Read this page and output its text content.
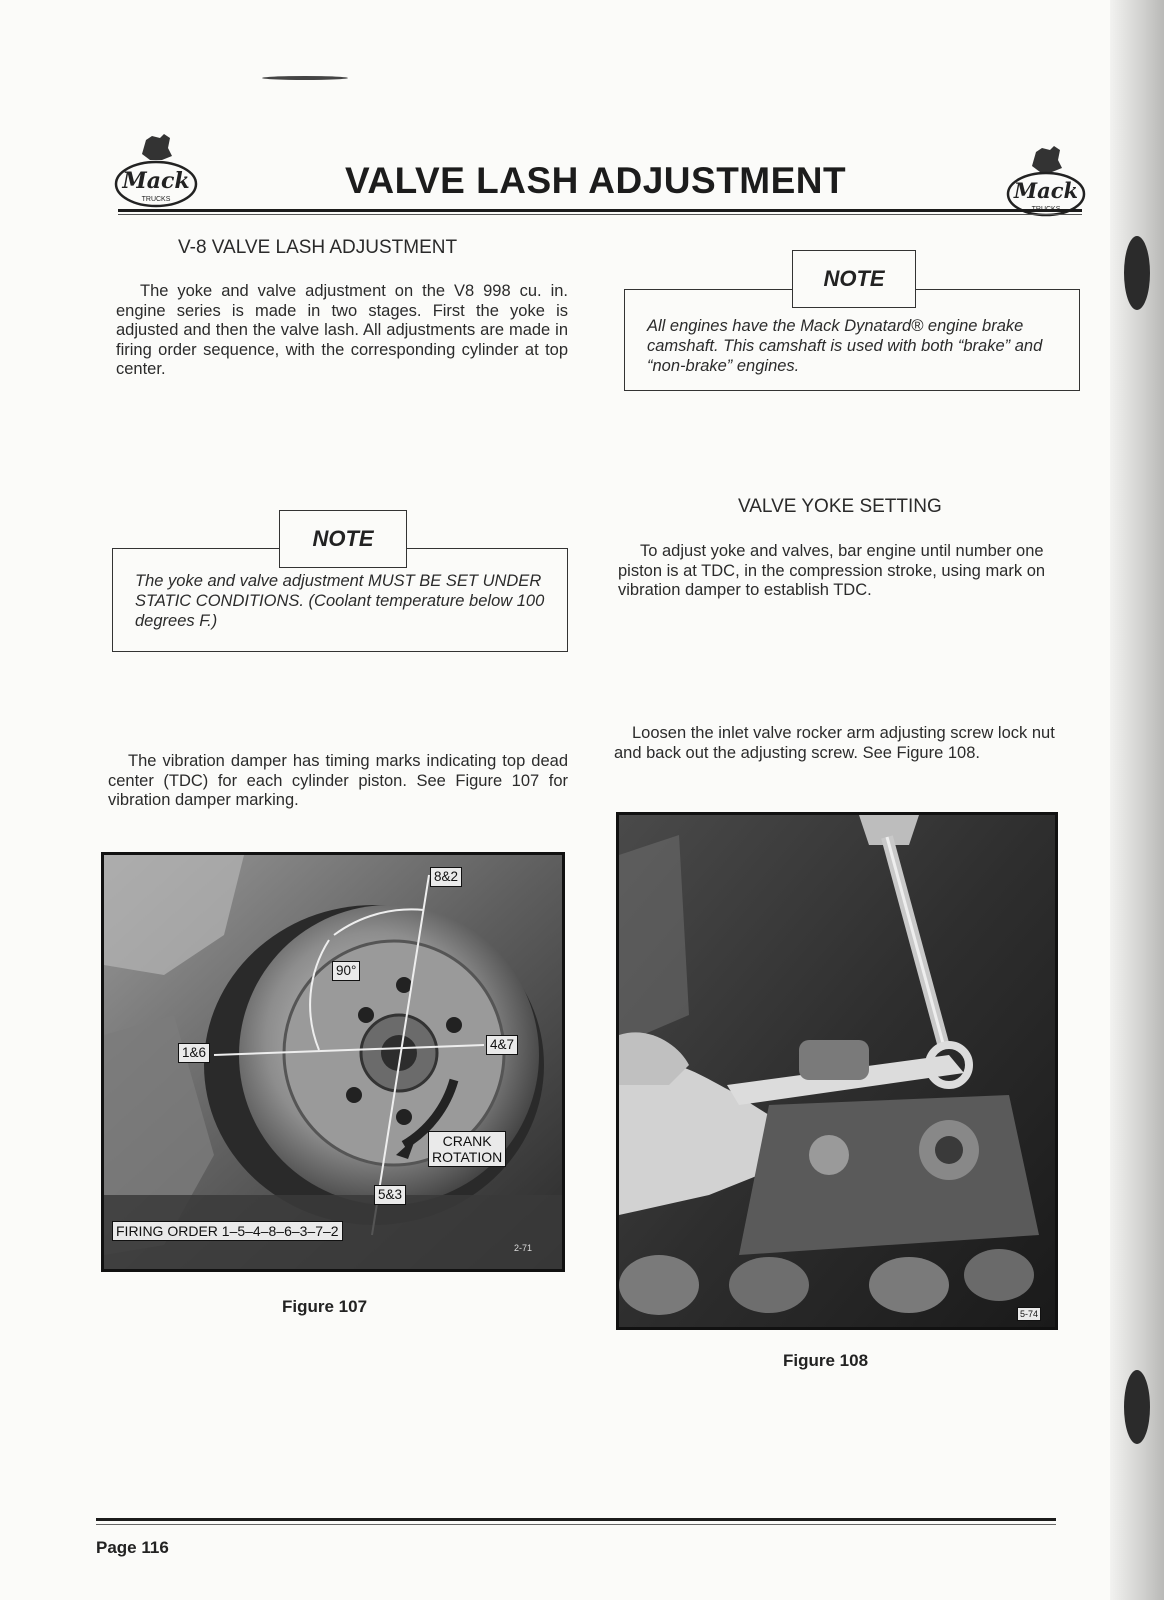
Mack
TRUCKS	Mack
VALVE LASH ADJUSTMENT
V-8 VALVE LASH ADJUSTMENT

The yoke and valve adjustment on the V8 998 cu. in. engine series is made in two stages. First the yoke is adjusted and then the valve lash. All adjustments are made in firing order sequence, with the corresponding cylinder at top center.

The yoke and valve adjustment MUST BE SET UNDER STATIC CONDITIONS. (Coolant temperature below 100 degrees F.)

NOTE

The vibration damper has timing marks indicating top dead center (TDC) for each cylinder piston. See Figure 107 for vibration damper marking.

8&2
90°
1&6
4&7
CRANK
ROTATION
5&3
FIRING ORDER 1–5–4–8–6–3–7–2
2-71
Figure 107

All engines have the Mack Dynatard® engine brake camshaft. This camshaft is used with both “brake” and “non-brake” engines.

NOTE
VALVE YOKE SETTING

To adjust yoke and valves, bar engine until number one piston is at TDC, in the compression stroke, using mark on vibration damper to establish TDC.

Loosen the inlet valve rocker arm adjusting screw lock nut and back out the adjusting screw. See Figure 108.

5-74
Figure 108
Page 116
